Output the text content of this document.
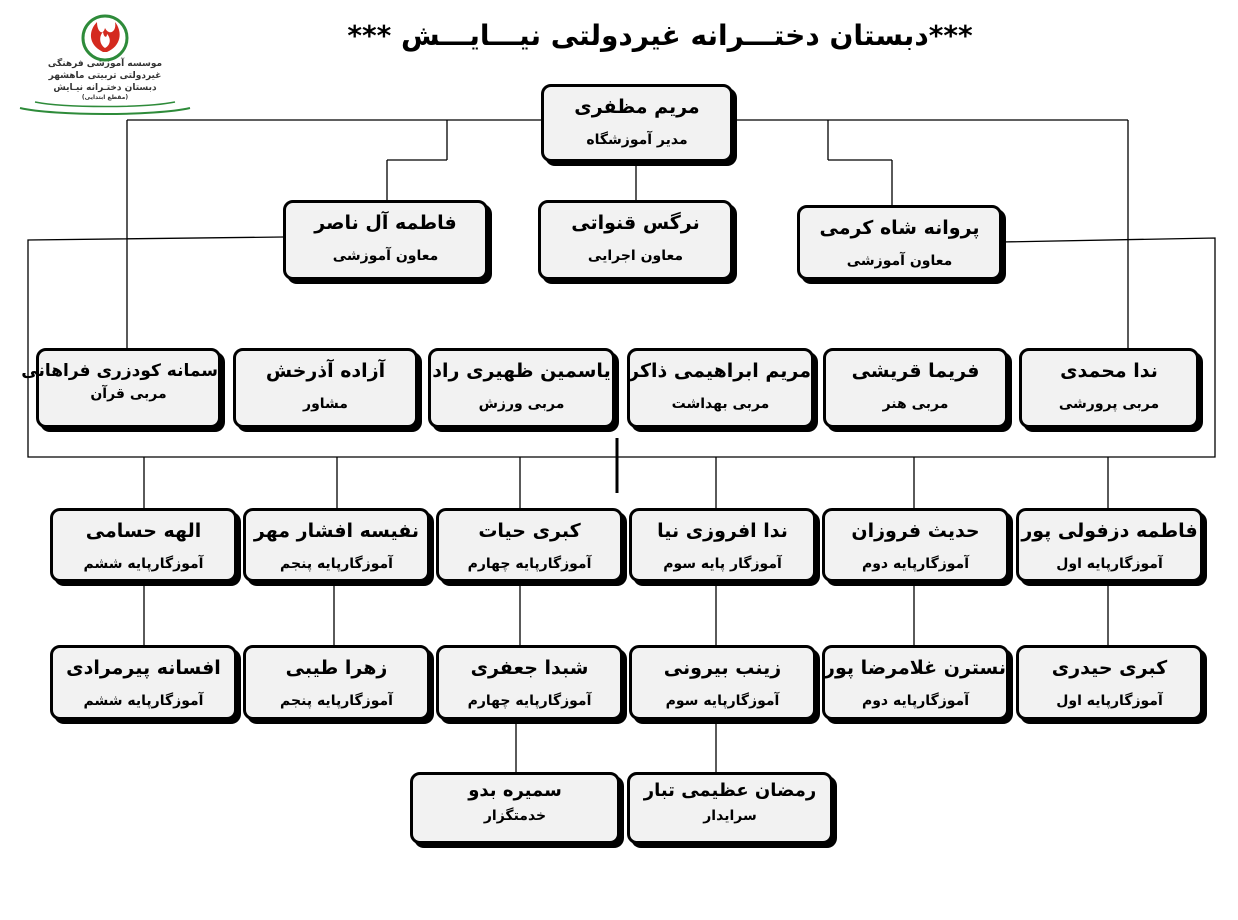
موسسه آموزشی فرهنگی
غیردولتی تربیتی ماهشهر
دبستان دختـرانه نیـایش
(مقطع ابتدایی)
***دبستان دختـــرانه غیردولتی نیـــایـــش ***
مریم مظفری
مدیر آموزشگاه
فاطمه آل ناصر
معاون آموزشی
نرگس قنواتی
معاون اجرایی
پروانه شاه کرمی
معاون آموزشی
سمانه کودزری فراهانی
مربی قرآن
آزاده آذرخش
مشاور
یاسمین ظهیری راد
مربی ورزش
مریم ابراهیمی ذاکر
مربی بهداشت
فریما قریشی
مربی هنر
ندا محمدی
مربی پرورشی
الهه حسامی
آموزگارپایه ششم
نفیسه افشار مهر
آموزگارپایه پنجم
کبری حیات
آموزگارپایه چهارم
ندا افروزی نیا
آموزگار پایه سوم
حدیث فروزان
آموزگارپایه دوم
فاطمه دزفولی پور
آموزگارپایه اول
افسانه پیرمرادی
آموزگارپایه ششم
زهرا طیبی
آموزگارپایه پنجم
شبدا جعفری
آموزگارپایه چهارم
زینب بیرونی
آموزگارپایه سوم
نسترن غلامرضا پور
آموزگارپایه دوم
کبری حیدری
آموزگارپایه اول
سمیره بدو
خدمتگزار
رمضان عظیمی تبار
سرایدار
